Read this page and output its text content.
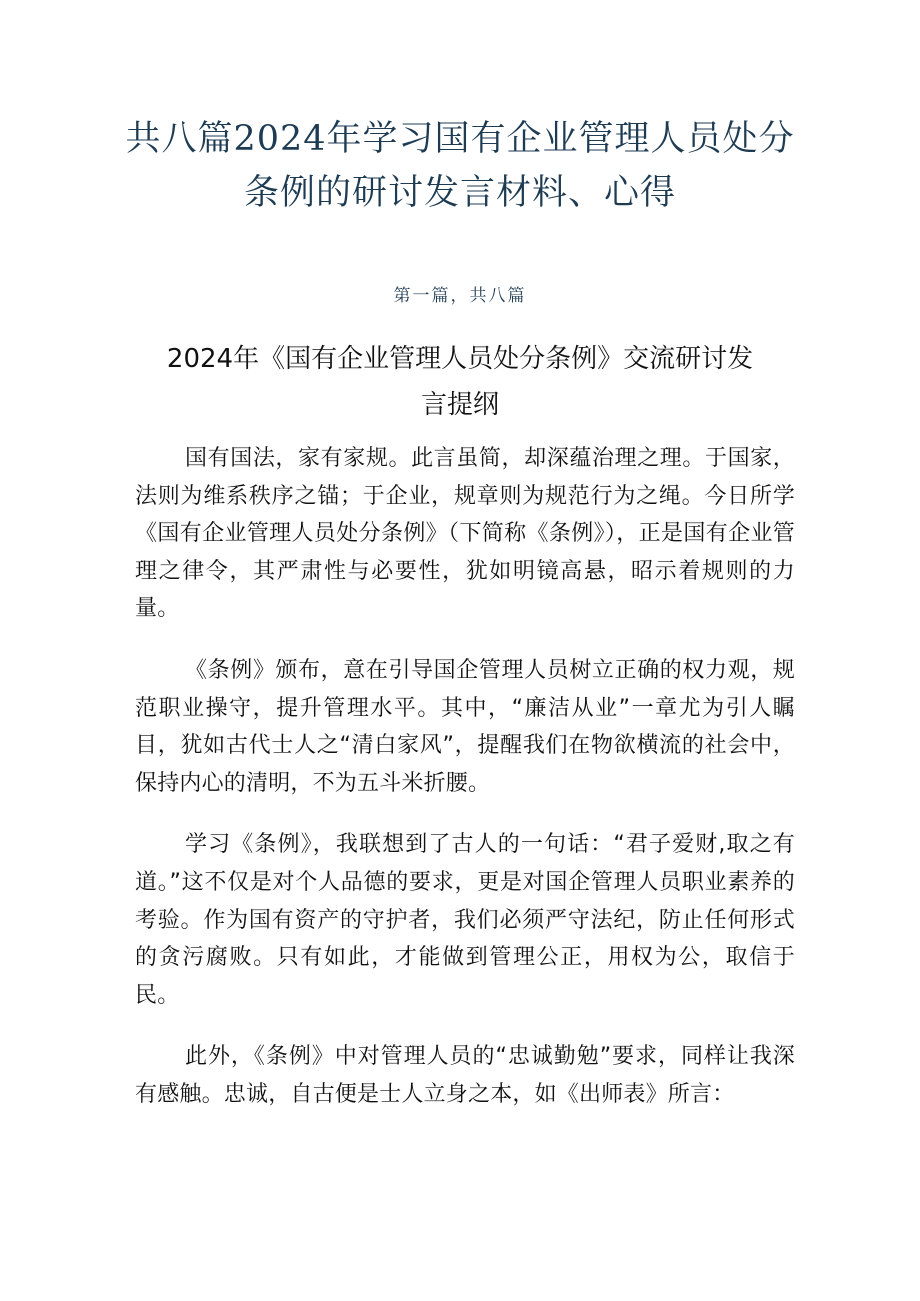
共八篇2024年学习国有企业管理人员处分条例的研讨发言材料、心得
第一篇，共八篇
2024年《国有企业管理人员处分条例》交流研讨发言提纲

国有国法，家有家规。此言虽简，却深蕴治理之理。于国家，法则为维系秩序之锚；于企业，规章则为规范行为之绳。今日所学《国有企业管理人员处分条例》（下简称《条例》），正是国有企业管理之律令，其严肃性与必要性，犹如明镜高悬，昭示着规则的力量。

《条例》颁布，意在引导国企管理人员树立正确的权力观，规范职业操守，提升管理水平。其中，“廉洁从业”一章尤为引人瞩目，犹如古代士人之“清白家风”，提醒我们在物欲横流的社会中，保持内心的清明，不为五斗米折腰。

学习《条例》，我联想到了古人的一句话：“君子爱财,取之有道。”这不仅是对个人品德的要求，更是对国企管理人员职业素养的考验。作为国有资产的守护者，我们必须严守法纪，防止任何形式的贪污腐败。只有如此，才能做到管理公正，用权为公，取信于民。

此外，《条例》中对管理人员的“忠诚勤勉”要求，同样让我深有感触。忠诚，自古便是士人立身之本，如《出师表》所言：
